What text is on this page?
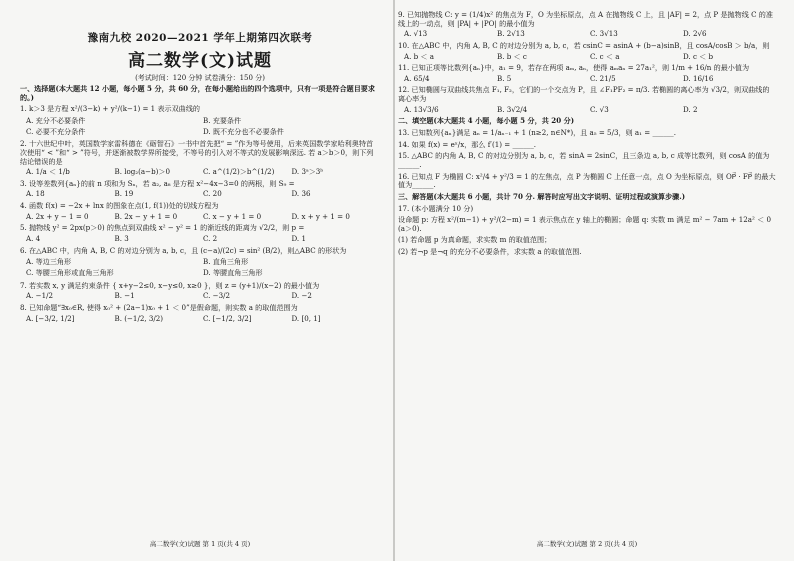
豫南九校 2020—2021 学年上期第四次联考
高二数学(文)试题
(考试时间：120 分钟 试卷满分：150 分)
一、选择题(本大题共 12 小题，每小题 5 分，共 60 分，在每小题给出的四个选项中，只有一项是符合题目要求的。)
1. k＞3 是方程 x²/(3−k) + y²/(k−1) = 1 表示双曲线的
A. 充分不必要条件	B. 充要条件
C. 必要不充分条件	D. 既不充分也不必要条件
2. 十六世纪中叶，英国数学家雷科德在《砺智石》一书中首先把“ = ”作为等号使用，后来英国数学家哈利奥特首次使用“ < ”和“ > ”符号，并逐渐被数学界所接受，不等号的引入对不等式的发展影响深远. 若 a＞b＞0，则下列结论错误的是
A. 1/a ＜ 1/b	B. log₂(a−b)＞0	C. a^(1/2)＞b^(1/2)	D. 3ᵃ＞3ᵇ
3. 设等差数列{aₙ}的前 n 项和为 Sₙ，若 a₂, a₈ 是方程 x²−4x−3=0 的两根，则 S₉ =
A. 18	B. 19	C. 20	D. 36
4. 函数 f(x) = −2x + lnx 的图象在点(1, f(1))处的切线方程为
A. 2x + y − 1 = 0	B. 2x − y + 1 = 0	C. x − y + 1 = 0	D. x + y + 1 = 0
5. 抛物线 y² = 2px(p＞0) 的焦点到双曲线 x² − y² = 1 的渐近线的距离为 √2/2，则 p =
A. 4	B. 3	C. 2	D. 1
6. 在△ABC 中，内角 A, B, C 的对边分别为 a, b, c，且 (c−a)/(2c) = sin² (B/2)，则△ABC 的形状为
A. 等边三角形	B. 直角三角形
C. 等腰三角形或直角三角形	D. 等腰直角三角形
7. 若实数 x, y 满足约束条件 { x+y−2≤0, x−y≤0, x≥0 }，则 z = (y+1)/(x−2) 的最小值为
A. −1/2	B. −1	C. −3/2	D. −2
8. 已知命题“∃x₀∈R, 使得 x₀² + (2a−1)x₀ + 1 ＜ 0”是假命题，则实数 a 的取值范围为
A. [−3/2, 1/2]	B. (−1/2, 3/2)	C. [−1/2, 3/2]	D. [0, 1]
高二数学(文)试题 第 1 页(共 4 页)
9. 已知抛物线 C: y = (1/4)x² 的焦点为 F，O 为坐标原点，点 A 在抛物线 C 上，且 |AF| = 2，点 P 是抛物线 C 的准线上的一动点，则 |PA| + |PO| 的最小值为
A. √13	B. 2√13	C. 3√13	D. 2√6
10. 在△ABC 中，内角 A, B, C 的对边分别为 a, b, c，若 csinC = asinA + (b−a)sinB，且 cosA/cosB ＞ b/a，则
A. b ＜ a	B. b ＜ c	C. c ＜ a	D. c ＜ b
11. 已知正项等比数列{aₙ}中，a₁ = 9，若存在两项 aₘ, aₙ，使得 aₘaₙ = 27a₁²，则 1/m + 16/n 的最小值为
A. 65/4	B. 5	C. 21/5	D. 16/16
12. 已知椭圆与双曲线共焦点 F₁, F₂，它们的一个交点为 P，且 ∠F₁PF₂ = π/3. 若椭圆的离心率为 √3/2，则双曲线的离心率为
A. 13√3/6	B. 3√2/4	C. √3	D. 2
二、填空题(本大题共 4 小题，每小题 5 分，共 20 分)
13. 已知数列{aₙ}满足 aₙ = 1/aₙ₋₁ + 1 (n≥2, n∈N*)，且 a₅ = 5/3，则 a₁ = ______.
14. 如果 f(x) = eˣ/x，那么 f′(1) = ______.
15. △ABC 的内角 A, B, C 的对边分别为 a, b, c，若 sinA = 2sinC，且三条边 a, b, c 成等比数列，则 cosA 的值为______.
16. 已知点 F 为椭圆 C: x²/4 + y²/3 = 1 的左焦点，点 P 为椭圆 C 上任意一点，点 O 为坐标原点，则 OP⃗ · FP⃗ 的最大值为______.
三、解答题(本大题共 6 小题，共计 70 分. 解答时应写出文字说明、证明过程或演算步骤.)
17. (本小题满分 10 分)
设命题 p: 方程 x²/(m−1) + y²/(2−m) = 1 表示焦点在 y 轴上的椭圆；命题 q: 实数 m 满足 m² − 7am + 12a² ＜ 0 (a＞0).
(1) 若命题 p 为真命题，求实数 m 的取值范围；
(2) 若¬p 是¬q 的充分不必要条件，求实数 a 的取值范围.
高二数学(文)试题 第 2 页(共 4 页)
